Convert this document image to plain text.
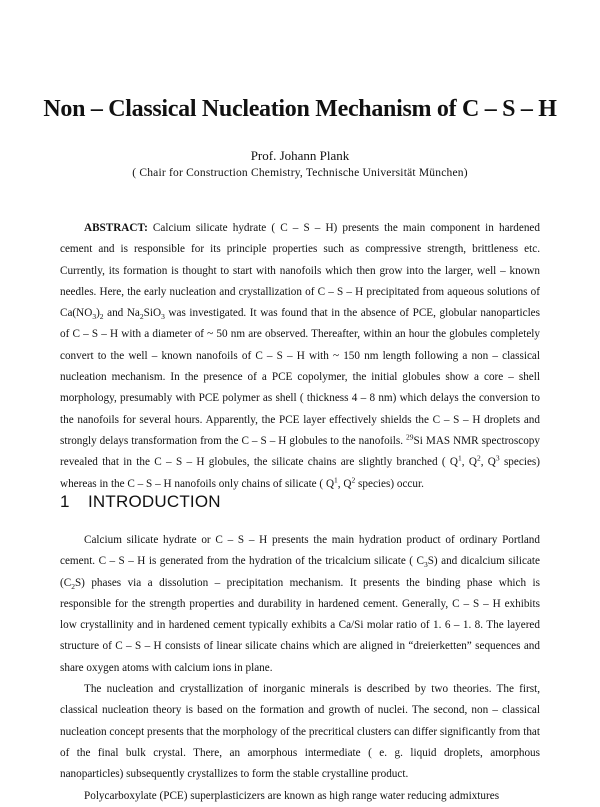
Non – Classical Nucleation Mechanism of C – S – H
Prof. Johann Plank
( Chair for Construction Chemistry, Technische Universität München)

ABSTRACT: Calcium silicate hydrate ( C – S – H) presents the main component in hardened cement and is responsible for its principle properties such as compressive strength, brittleness etc. Currently, its formation is thought to start with nanofoils which then grow into the larger, well – known needles. Here, the early nucleation and crystallization of C – S – H precipitated from aqueous solutions of $Ca(NO_3)_2$ and $Na_2SiO_3$ was investigated. It was found that in the absence of PCE, globular nanoparticles of C – S – H with a diameter of ~ 50 nm are observed. Thereafter, within an hour the globules completely convert to the well – known nanofoils of C – S – H with ~ 150 nm length following a non – classical nucleation mechanism. In the presence of a PCE copolymer, the initial globules show a core – shell morphology, presumably with PCE polymer as shell ( thickness 4 – 8 nm) which delays the conversion to the nanofoils for several hours. Apparently, the PCE layer effectively shields the C – S – H droplets and strongly delays transformation from the C – S – H globules to the nanofoils. $^{29}$Si MAS NMR spectroscopy revealed that in the C – S – H globules, the silicate chains are slightly branched ( $Q^1$, $Q^2$, $Q^3$ species) whereas in the C – S – H nanofoils only chains of silicate ( $Q^1$, $Q^2$ species) occur.

1 INTRODUCTION

Calcium silicate hydrate or C – S – H presents the main hydration product of ordinary Portland cement. C – S – H is generated from the hydration of the tricalcium silicate ( $C_3S$) and dicalcium silicate $(C_2S)$ phases via a dissolution – precipitation mechanism. It presents the binding phase which is responsible for the strength properties and durability in hardened cement. Generally, C – S – H exhibits low crystallinity and in hardened cement typically exhibits a Ca/Si molar ratio of 1. 6 – 1. 8. The layered structure of C – S – H consists of linear silicate chains which are aligned in “dreierketten” sequences and share oxygen atoms with calcium ions in plane.

The nucleation and crystallization of inorganic minerals is described by two theories. The first, classical nucleation theory is based on the formation and growth of nuclei. The second, non – classical nucleation concept presents that the morphology of the precritical clusters can differ significantly from that of the final bulk crystal. There, an amorphous intermediate ( e. g. liquid droplets, amorphous nanoparticles) subsequently crystallizes to form the stable crystalline product.

Polycarboxylate (PCE) superplasticizers are known as high range water reducing admixtures
